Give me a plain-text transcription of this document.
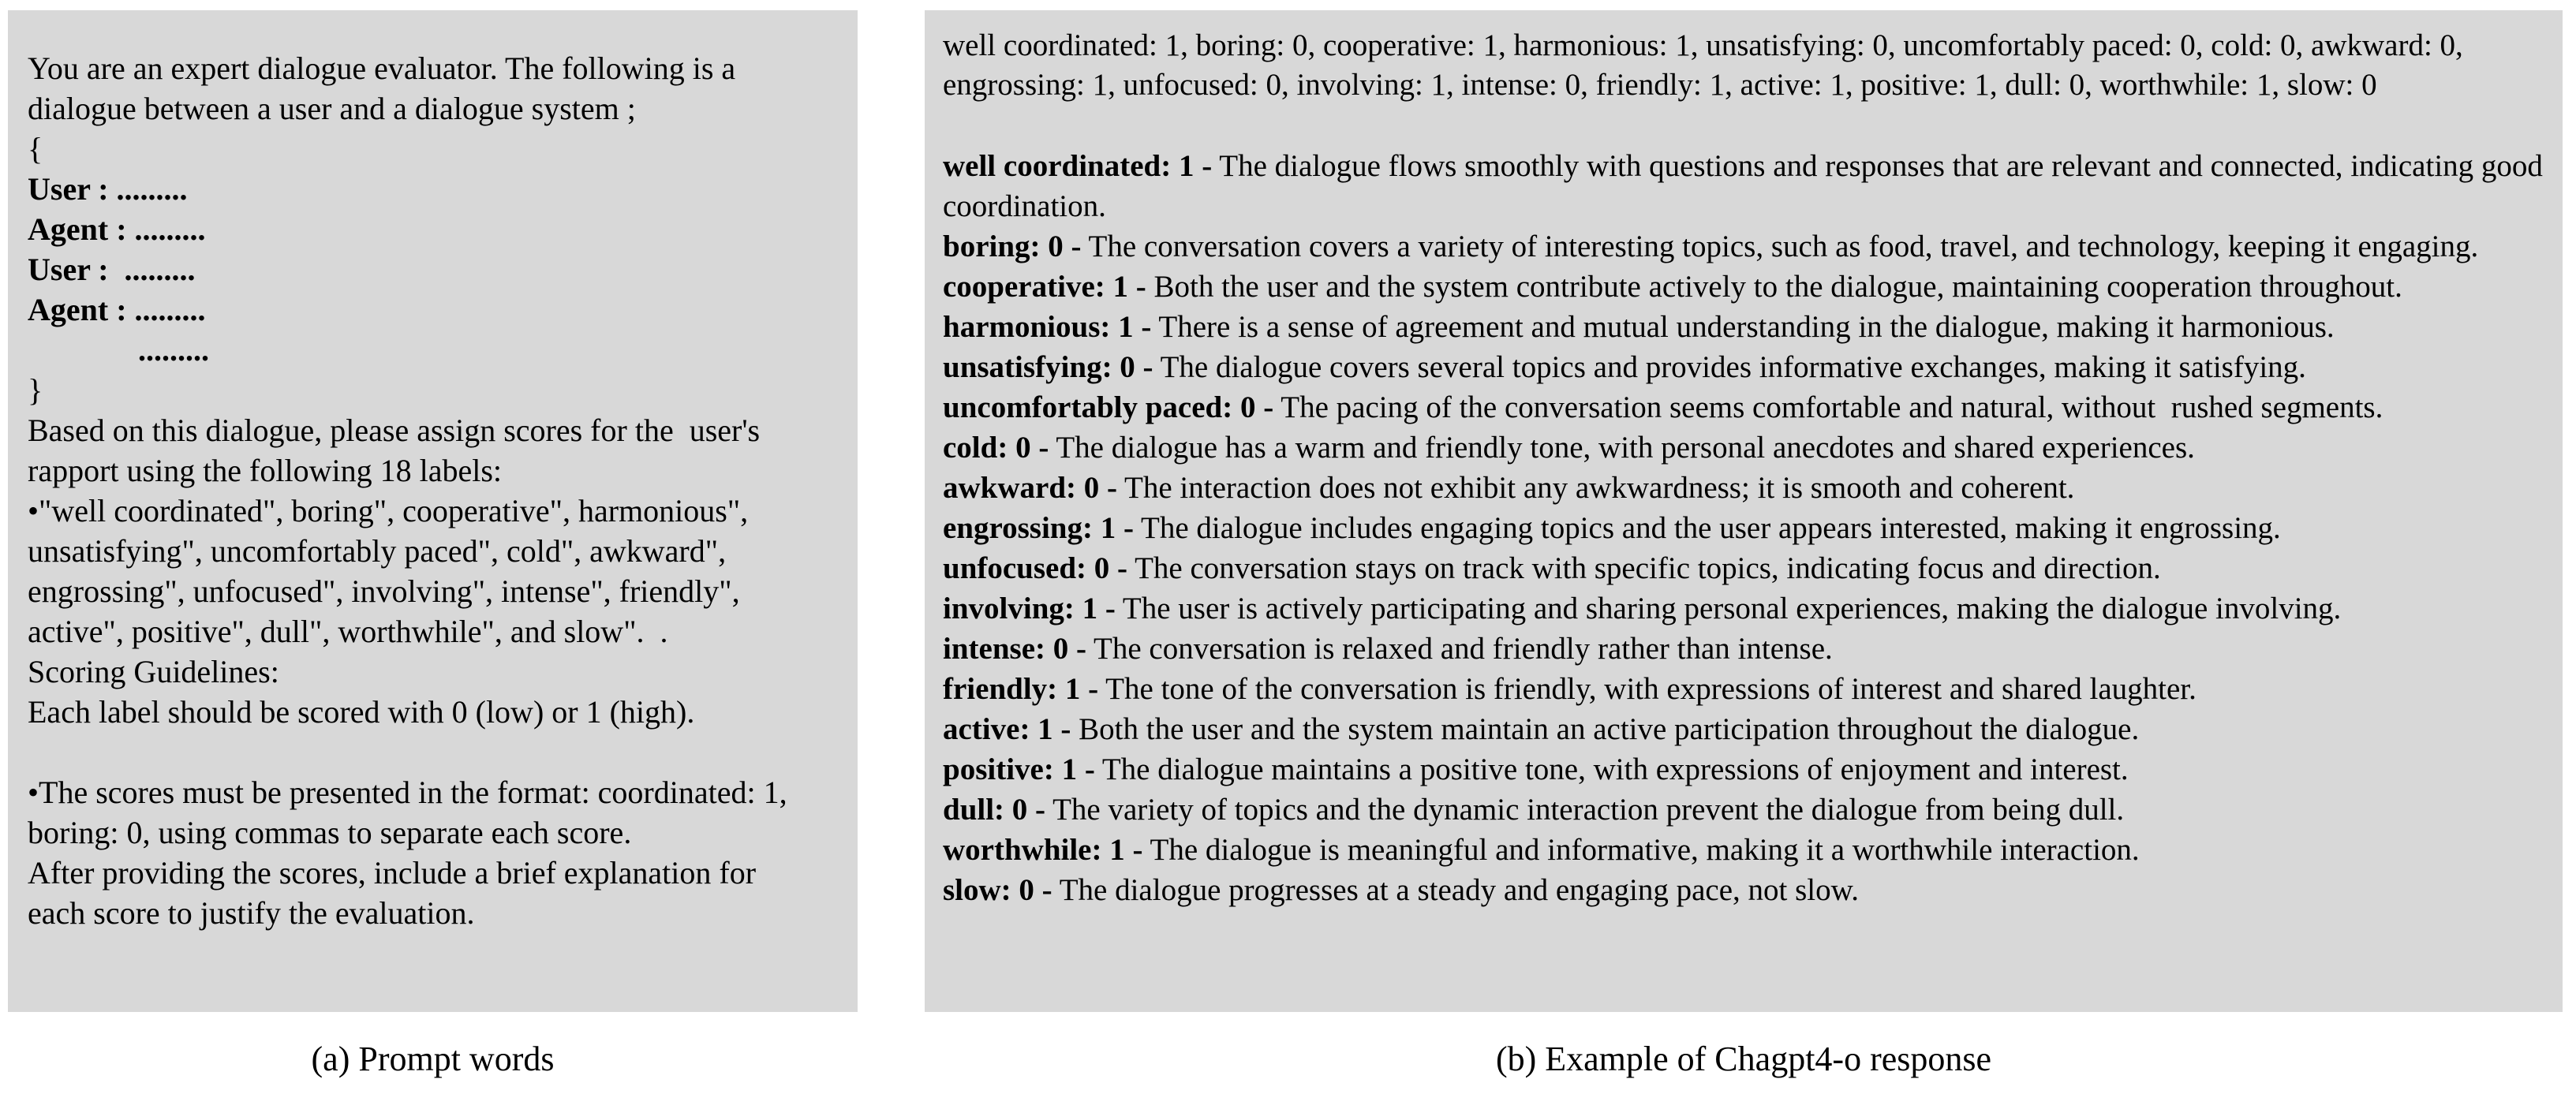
You are an expert dialogue evaluator. The following is a
dialogue between a user and a dialogue system ;
{
User : .........
Agent : .........
User :  .........
Agent : .........
.........
}
Based on this dialogue, please assign scores for the  user's
rapport using the following 18 labels:
•"well coordinated", boring", cooperative", harmonious",
unsatisfying", uncomfortably paced", cold", awkward",
engrossing", unfocused", involving", intense", friendly",
active", positive", dull", worthwhile", and slow".  .
Scoring Guidelines:
Each label should be scored with 0 (low) or 1 (high).
•The scores must be presented in the format: coordinated: 1,
boring: 0, using commas to separate each score.
After providing the scores, include a brief explanation for
each score to justify the evaluation.
well coordinated: 1, boring: 0, cooperative: 1, harmonious: 1, unsatisfying: 0, uncomfortably paced: 0, cold: 0, awkward: 0, engrossing: 1, unfocused: 0, involving: 1, intense: 0, friendly: 1, active: 1, positive: 1, dull: 0, worthwhile: 1, slow: 0
well coordinated: 1 - The dialogue flows smoothly with questions and responses that are relevant and connected, indicating good coordination.
boring: 0 - The conversation covers a variety of interesting topics, such as food, travel, and technology, keeping it engaging.
cooperative: 1 - Both the user and the system contribute actively to the dialogue, maintaining cooperation throughout.
harmonious: 1 - There is a sense of agreement and mutual understanding in the dialogue, making it harmonious.
unsatisfying: 0 - The dialogue covers several topics and provides informative exchanges, making it satisfying.
uncomfortably paced: 0 - The pacing of the conversation seems comfortable and natural, without  rushed segments.
cold: 0 - The dialogue has a warm and friendly tone, with personal anecdotes and shared experiences.
awkward: 0 - The interaction does not exhibit any awkwardness; it is smooth and coherent.
engrossing: 1 - The dialogue includes engaging topics and the user appears interested, making it engrossing.
unfocused: 0 - The conversation stays on track with specific topics, indicating focus and direction.
involving: 1 - The user is actively participating and sharing personal experiences, making the dialogue involving.
intense: 0 - The conversation is relaxed and friendly rather than intense.
friendly: 1 - The tone of the conversation is friendly, with expressions of interest and shared laughter.
active: 1 - Both the user and the system maintain an active participation throughout the dialogue.
positive: 1 - The dialogue maintains a positive tone, with expressions of enjoyment and interest.
dull: 0 - The variety of topics and the dynamic interaction prevent the dialogue from being dull.
worthwhile: 1 - The dialogue is meaningful and informative, making it a worthwhile interaction.
slow: 0 - The dialogue progresses at a steady and engaging pace, not slow.
(a) Prompt words	(b) Example of Chagpt4-o response
